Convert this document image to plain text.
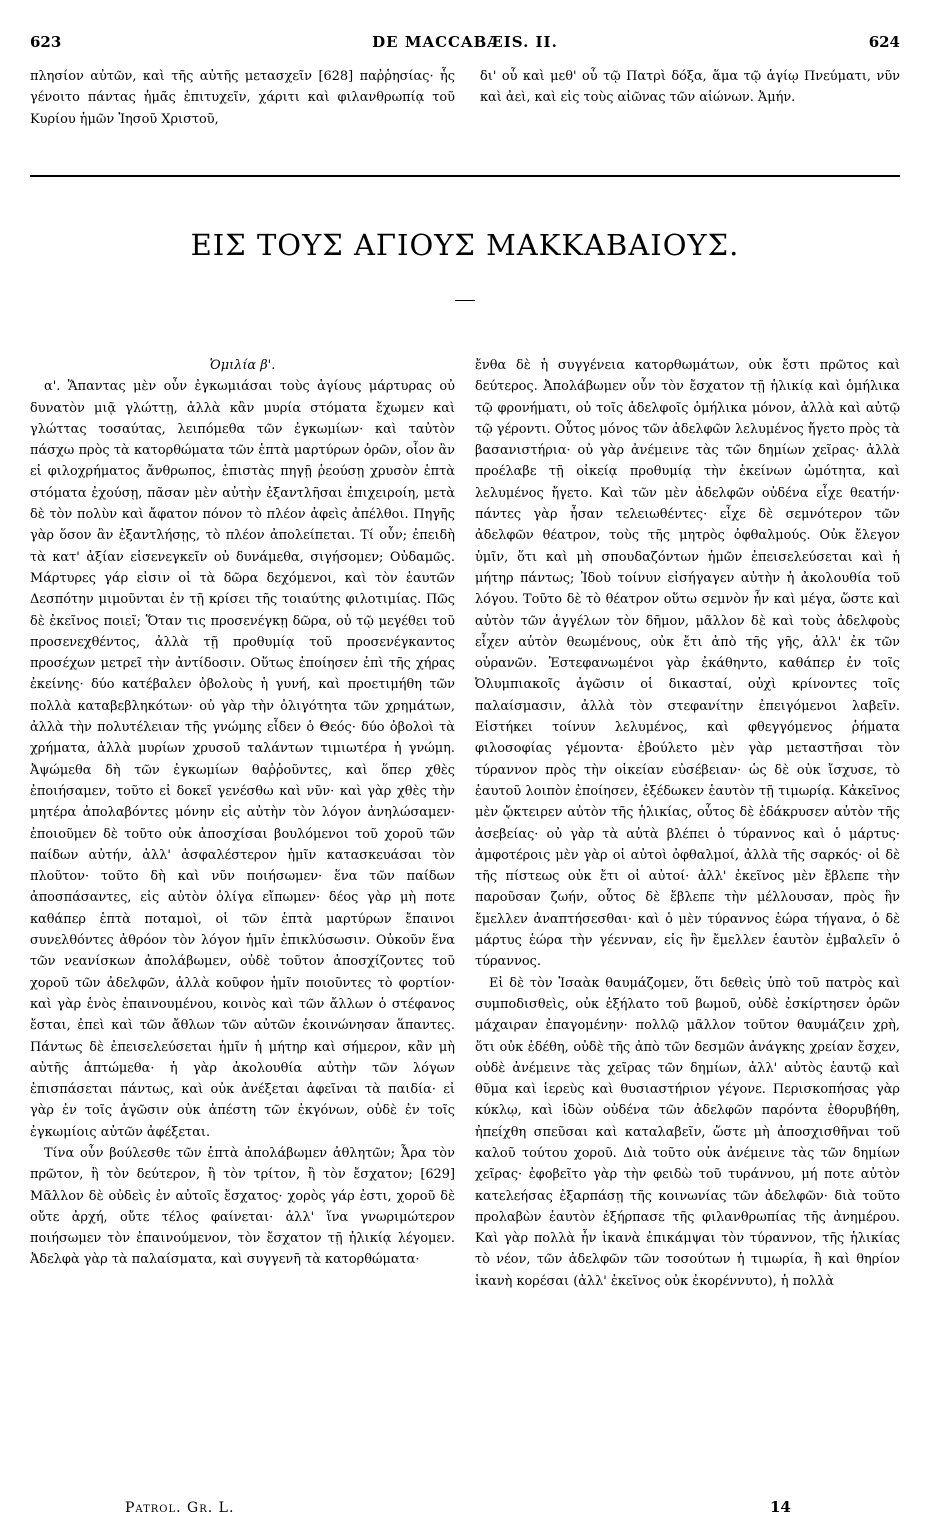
623	DE MACCABÆIS. II.	624

πλησίον αὐτῶν, καὶ τῆς αὐτῆς μετασχεῖν [628] παῤῥησίας· ἧς γένοιτο πάντας ἡμᾶς ἐπιτυχεῖν, χάριτι καὶ φιλανθρωπίᾳ τοῦ Κυρίου ἡμῶν Ἰησοῦ Χριστοῦ,

δι' οὗ καὶ μεθ' οὗ τῷ Πατρὶ δόξα, ἅμα τῷ ἁγίῳ Πνεύματι, νῦν καὶ ἀεὶ, καὶ εἰς τοὺς αἰῶνας τῶν αἰώνων. Ἀμήν.

ΕΙΣ ΤΟΥΣ ΑΓΙΟΥΣ ΜΑΚΚΑΒΑΙΟΥΣ.

Ὁμιλία β'.

α'. Ἅπαντας μὲν οὖν ἐγκωμιάσαι τοὺς ἁγίους μάρτυρας οὐ δυνατὸν μιᾷ γλώττῃ, ἀλλὰ κἂν μυρία στόματα ἔχωμεν καὶ γλώττας τοσαύτας, λειπόμεθα τῶν ἐγκωμίων· καὶ ταὐτὸν πάσχω πρὸς τὰ κατορθώματα τῶν ἑπτὰ μαρτύρων ὁρῶν, οἷον ἂν εἰ φιλοχρήματος ἄνθρωπος, ἐπιστὰς πηγῇ ῥεούσῃ χρυσὸν ἑπτὰ στόματα ἐχούσῃ, πᾶσαν μὲν αὐτὴν ἐξαντλῆσαι ἐπιχειροίη, μετὰ δὲ τὸν πολὺν καὶ ἄφατον πόνον τὸ πλέον ἀφεὶς ἀπέλθοι. Πηγῆς γὰρ ὅσον ἂν ἐξαντλήσῃς, τὸ πλέον ἀπολείπεται. Τί οὖν; ἐπειδὴ τὰ κατ' ἀξίαν εἰσενεγκεῖν οὐ δυνάμεθα, σιγήσομεν; Οὐδαμῶς. Μάρτυρες γάρ εἰσιν οἱ τὰ δῶρα δεχόμενοι, καὶ τὸν ἑαυτῶν Δεσπότην μιμοῦνται ἐν τῇ κρίσει τῆς τοιαύτης φιλοτιμίας. Πῶς δὲ ἐκεῖνος ποιεῖ; Ὅταν τις προσενέγκῃ δῶρα, οὐ τῷ μεγέθει τοῦ προσενεχθέντος, ἀλλὰ τῇ προθυμίᾳ τοῦ προσενέγκαντος προσέχων μετρεῖ τὴν ἀντίδοσιν. Οὕτως ἐποίησεν ἐπὶ τῆς χήρας ἐκείνης· δύο κατέβαλεν ὀβολοὺς ἡ γυνή, καὶ προετιμήθη τῶν πολλὰ καταβεβληκότων· οὐ γὰρ τὴν ὀλιγότητα τῶν χρημάτων, ἀλλὰ τὴν πολυτέλειαν τῆς γνώμης εἶδεν ὁ Θεός· δύο ὀβολοὶ τὰ χρήματα, ἀλλὰ μυρίων χρυσοῦ ταλάντων τιμιωτέρα ἡ γνώμη. Ἀψώμεθα δὴ τῶν ἐγκωμίων θαῤῥοῦντες, καὶ ὅπερ χθὲς ἐποιήσαμεν, τοῦτο εἰ δοκεῖ γενέσθω καὶ νῦν· καὶ γὰρ χθὲς τὴν μητέρα ἀπολαβόντες μόνην εἰς αὐτὴν τὸν λόγον ἀνηλώσαμεν· ἐποιοῦμεν δὲ τοῦτο οὐκ ἀποσχίσαι βουλόμενοι τοῦ χοροῦ τῶν παίδων αὐτήν, ἀλλ' ἀσφαλέστερον ἡμῖν κατασκευάσαι τὸν πλοῦτον· τοῦτο δὴ καὶ νῦν ποιήσωμεν· ἕνα τῶν παίδων ἀποσπάσαντες, εἰς αὐτὸν ὀλίγα εἴπωμεν· δέος γὰρ μὴ ποτε καθάπερ ἑπτὰ ποταμοὶ, οἱ τῶν ἑπτὰ μαρτύρων ἔπαινοι συνελθόντες ἀθρόον τὸν λόγον ἡμῖν ἐπικλύσωσιν. Οὐκοῦν ἕνα τῶν νεανίσκων ἀπολάβωμεν, οὐδὲ τοῦτον ἀποσχίζοντες τοῦ χοροῦ τῶν ἀδελφῶν, ἀλλὰ κοῦφον ἡμῖν ποιοῦντες τὸ φορτίον· καὶ γὰρ ἑνὸς ἐπαινουμένου, κοινὸς καὶ τῶν ἄλλων ὁ στέφανος ἔσται, ἐπεὶ καὶ τῶν ἄθλων τῶν αὐτῶν ἐκοινώνησαν ἅπαντες. Πάντως δὲ ἐπεισελεύσεται ἡμῖν ἡ μήτηρ καὶ σήμερον, κἂν μὴ αὐτῆς ἁπτώμεθα· ἡ γὰρ ἀκολουθία αὐτὴν τῶν λόγων ἐπισπάσεται πάντως, καὶ οὐκ ἀνέξεται ἀφεῖναι τὰ παιδία· εἰ γὰρ ἐν τοῖς ἀγῶσιν οὐκ ἀπέστη τῶν ἐκγόνων, οὐδὲ ἐν τοῖς ἐγκωμίοις αὐτῶν ἀφέξεται.

Τίνα οὖν βούλεσθε τῶν ἑπτὰ ἀπολάβωμεν ἀθλητῶν; Ἆρα τὸν πρῶτον, ἢ τὸν δεύτερον, ἢ τὸν τρίτον, ἢ τὸν ἔσχατον; [629] Μᾶλλον δὲ οὐδεὶς ἐν αὐτοῖς ἔσχατος· χορὸς γάρ ἐστι, χοροῦ δὲ οὔτε ἀρχή, οὔτε τέλος φαίνεται· ἀλλ' ἵνα γνωριμώτερον ποιήσωμεν τὸν ἐπαινούμενον, τὸν ἔσχατον τῇ ἡλικίᾳ λέγομεν. Ἀδελφὰ γὰρ τὰ παλαίσματα, καὶ συγγενῆ τὰ κατορθώματα·

ἔνθα δὲ ἡ συγγένεια κατορθωμάτων, οὐκ ἔστι πρῶτος καὶ δεύτερος. Ἀπολάβωμεν οὖν τὸν ἔσχατον τῇ ἡλικίᾳ καὶ ὁμήλικα τῷ φρονήματι, οὐ τοῖς ἀδελφοῖς ὁμήλικα μόνον, ἀλλὰ καὶ αὐτῷ τῷ γέροντι. Οὗτος μόνος τῶν ἀδελφῶν λελυμένος ἤγετο πρὸς τὰ βασανιστήρια· οὐ γὰρ ἀνέμεινε τὰς τῶν δημίων χεῖρας· ἀλλὰ προέλαβε τῇ οἰκείᾳ προθυμίᾳ τὴν ἐκείνων ὠμότητα, καὶ λελυμένος ἤγετο. Καὶ τῶν μὲν ἀδελφῶν οὐδένα εἶχε θεατήν· πάντες γὰρ ἦσαν τελειωθέντες· εἶχε δὲ σεμνότερον τῶν ἀδελφῶν θέατρον, τοὺς τῆς μητρὸς ὀφθαλμούς. Οὐκ ἔλεγον ὑμῖν, ὅτι καὶ μὴ σπουδαζόντων ἡμῶν ἐπεισελεύσεται καὶ ἡ μήτηρ πάντως; Ἰδοὺ τοίνυν εἰσήγαγεν αὐτὴν ἡ ἀκολουθία τοῦ λόγου. Τοῦτο δὲ τὸ θέατρον οὕτω σεμνὸν ἦν καὶ μέγα, ὥστε καὶ αὐτὸν τῶν ἀγγέλων τὸν δῆμον, μᾶλλον δὲ καὶ τοὺς ἀδελφοὺς εἶχεν αὐτὸν θεωμένους, οὐκ ἔτι ἀπὸ τῆς γῆς, ἀλλ' ἐκ τῶν οὐρανῶν. Ἐστεφανωμένοι γὰρ ἐκάθηντο, καθάπερ ἐν τοῖς Ὀλυμπιακοῖς ἀγῶσιν οἱ δικασταί, οὐχὶ κρίνοντες τοῖς παλαίσμασιν, ἀλλὰ τὸν στεφανίτην ἐπειγόμενοι λαβεῖν. Εἱστήκει τοίνυν λελυμένος, καὶ φθεγγόμενος ῥήματα φιλοσοφίας γέμοντα· ἐβούλετο μὲν γὰρ μεταστῆσαι τὸν τύραννον πρὸς τὴν οἰκείαν εὐσέβειαν· ὡς δὲ οὐκ ἴσχυσε, τὸ ἑαυτοῦ λοιπὸν ἐποίησεν, ἐξέδωκεν ἑαυτὸν τῇ τιμωρίᾳ. Κἀκεῖνος μὲν ᾤκτειρεν αὐτὸν τῆς ἡλικίας, οὗτος δὲ ἐδάκρυσεν αὐτὸν τῆς ἀσεβείας· οὐ γὰρ τὰ αὐτὰ βλέπει ὁ τύραννος καὶ ὁ μάρτυς· ἀμφοτέροις μὲν γὰρ οἱ αὐτοὶ ὀφθαλμοί, ἀλλὰ τῆς σαρκός· οἱ δὲ τῆς πίστεως οὐκ ἔτι οἱ αὐτοί· ἀλλ' ἐκεῖνος μὲν ἔβλεπε τὴν παροῦσαν ζωήν, οὗτος δὲ ἔβλεπε τὴν μέλλουσαν, πρὸς ἣν ἔμελλεν ἀναπτήσεσθαι· καὶ ὁ μὲν τύραννος ἑώρα τήγανα, ὁ δὲ μάρτυς ἑώρα τὴν γέενναν, εἰς ἣν ἔμελλεν ἑαυτὸν ἐμβαλεῖν ὁ τύραννος.

Εἰ δὲ τὸν Ἰσαὰκ θαυμάζομεν, ὅτι δεθεὶς ὑπὸ τοῦ πατρὸς καὶ συμποδισθεὶς, οὐκ ἐξήλατο τοῦ βωμοῦ, οὐδὲ ἐσκίρτησεν ὁρῶν μάχαιραν ἐπαγομένην· πολλῷ μᾶλλον τοῦτον θαυμάζειν χρὴ, ὅτι οὐκ ἐδέθη, οὐδὲ τῆς ἀπὸ τῶν δεσμῶν ἀνάγκης χρείαν ἔσχεν, οὐδὲ ἀνέμεινε τὰς χεῖρας τῶν δημίων, ἀλλ' αὐτὸς ἑαυτῷ καὶ θῦμα καὶ ἱερεὺς καὶ θυσιαστήριον γέγονε. Περισκοπήσας γὰρ κύκλῳ, καὶ ἰδὼν οὐδένα τῶν ἀδελφῶν παρόντα ἐθορυβήθη, ἠπείχθη σπεῦσαι καὶ καταλαβεῖν, ὥστε μὴ ἀποσχισθῆναι τοῦ καλοῦ τούτου χοροῦ. Διὰ τοῦτο οὐκ ἀνέμεινε τὰς τῶν δημίων χεῖρας· ἐφοβεῖτο γὰρ τὴν φειδὼ τοῦ τυράννου, μή ποτε αὐτὸν κατελεήσας ἐξαρπάσῃ τῆς κοινωνίας τῶν ἀδελφῶν· διὰ τοῦτο προλαβὼν ἑαυτὸν ἐξήρπασε τῆς φιλανθρωπίας τῆς ἀνημέρου. Καὶ γὰρ πολλὰ ἦν ἱκανὰ ἐπικάμψαι τὸν τύραννον, τῆς ἡλικίας τὸ νέον, τῶν ἀδελφῶν τῶν τοσούτων ἡ τιμωρία, ἢ καὶ θηρίον ἱκανὴ κορέσαι (ἀλλ' ἐκεῖνος οὐκ ἐκορέννυτο), ἡ πολλὰ

Patrol. Gr. L.	14
